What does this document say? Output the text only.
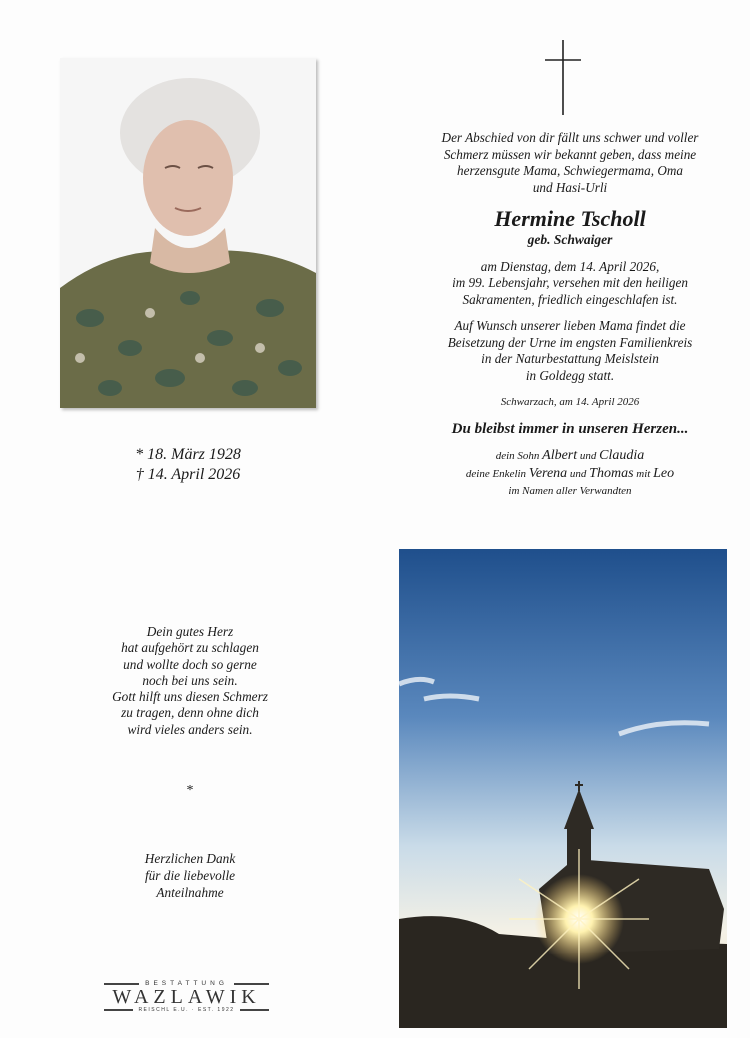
* 18. März 1928
† 14. April 2026

Der Abschied von dir fällt uns schwer und voller

Schmerz müssen wir bekannt geben, dass meine

herzensgute Mama, Schwiegermama, Oma

und Hasi-Urli

Hermine Tscholl

geb. Schwaiger

am Dienstag, dem 14. April 2026,

im 99. Lebensjahr, versehen mit den heiligen

Sakramenten, friedlich eingeschlafen ist.

Auf Wunsch unserer lieben Mama findet die

Beisetzung der Urne im engsten Familienkreis

in der Naturbestattung Meislstein

in Goldegg statt.

Schwarzach, am 14. April 2026

Du bleibst immer in unseren Herzen...

dein Sohn Albert und Claudia
deine Enkelin Verena und Thomas mit Leo
im Namen aller Verwandten
Dein gutes Herz
hat aufgehört zu schlagen
und wollte doch so gerne
noch bei uns sein.
Gott hilft uns diesen Schmerz
zu tragen, denn ohne dich
wird vieles anders sein.
*
Herzlichen Dank
für die liebevolle
Anteilnahme
BESTATTUNG
WAZLAWIK
REISCHL E.U. · EST. 1922
